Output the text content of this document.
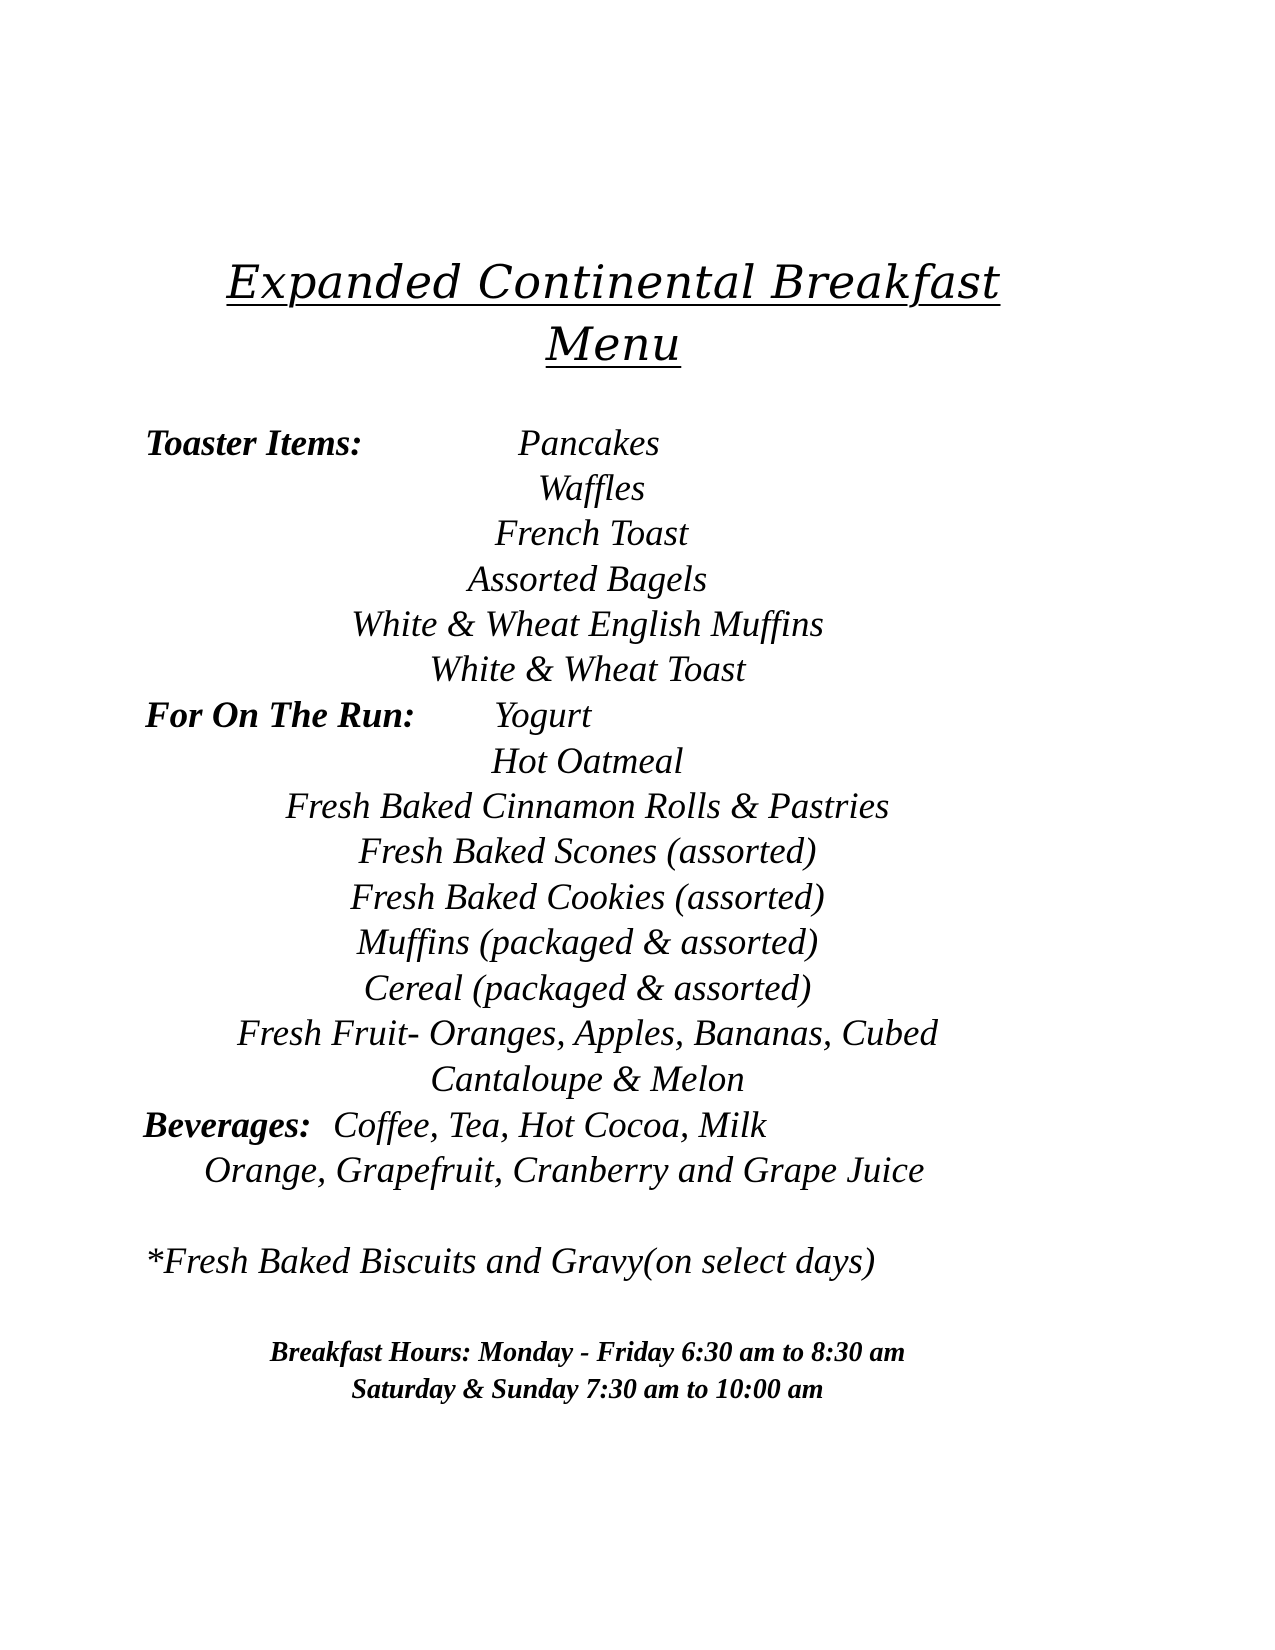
Expanded Continental Breakfast
Menu
Toaster Items:	Pancakes
Waffles
French Toast
Assorted Bagels
White & Wheat English Muffins
White & Wheat Toast
For On The Run: Yogurt
Hot Oatmeal
Fresh Baked Cinnamon Rolls & Pastries
Fresh Baked Scones (assorted)
Fresh Baked Cookies (assorted)
Muffins (packaged & assorted)
Cereal (packaged & assorted)
Fresh Fruit- Oranges, Apples, Bananas, Cubed
Cantaloupe & Melon
Beverages: Coffee, Tea, Hot Cocoa, Milk
Orange, Grapefruit, Cranberry and Grape Juice
*Fresh Baked Biscuits and Gravy(on select days)
Breakfast Hours: Monday - Friday 6:30 am to 8:30 am
Saturday & Sunday 7:30 am to 10:00 am
